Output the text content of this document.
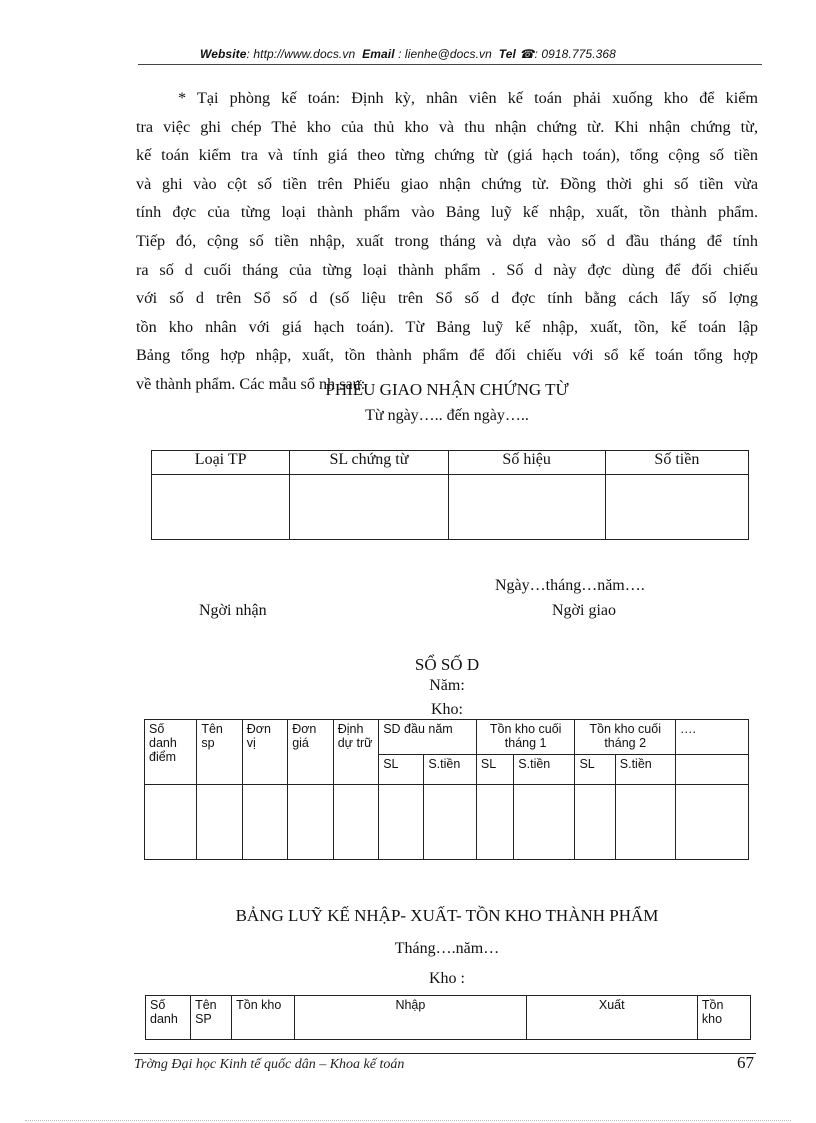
Website: http://www.docs.vn Email : lienhe@docs.vn Tel ☎: 0918.775.368
* Tại phòng kế toán: Định kỳ, nhân viên kế toán phải xuống kho để kiểm
tra việc ghi chép Thẻ kho của thủ kho và thu nhận chứng từ. Khi nhận chứng từ,
kế toán kiểm tra và tính giá theo từng chứng từ (giá hạch toán), tổng cộng số tiền
và ghi vào cột số tiền trên Phiếu giao nhận chứng từ. Đồng thời ghi số tiền vừa
tính đợc của từng loại thành phẩm vào Bảng luỹ kế nhập, xuất, tồn thành phẩm.
Tiếp đó, cộng số tiền nhập, xuất trong tháng và dựa vào số d đầu tháng để tính
ra số d cuối tháng của từng loại thành phẩm . Số d này đợc dùng để đối chiếu
với số d trên Sổ số d (số liệu trên Sổ số d đợc tính bằng cách lấy số lợng
tồn kho nhân với giá hạch toán). Từ Bảng luỹ kế nhập, xuất, tồn, kế toán lập
Bảng tổng hợp nhập, xuất, tồn thành phẩm để đối chiếu với sổ kế toán tổng hợp
về thành phẩm. Các mẫu sổ nh sau:
PHIẾU GIAO NHẬN CHỨNG TỪ
Từ ngày….. đến ngày…..
Loại TP	SL chứng từ	Số hiệu	Số tiền

Ngày…tháng…năm….
Ngời nhận	Ngời giao
SỔ SỐ D
Năm:
Kho:
Số danh điểm	Tên sp	Đơn vị	Đơn giá	Định dự trữ	SD đầu năm		Tồn kho cuối tháng 1		Tồn kho cuối tháng 2		….
					SL	S.tiền	SL	S.tiền	SL	S.tiền	

BẢNG LUỸ KẾ NHẬP- XUẤT- TỒN KHO THÀNH PHẨM
Tháng….năm…
Kho :
Số danh	Tên SP	Tồn kho	Nhập	Xuất	Tồn kho
Trờng Đại học Kinh tế quốc dân – Khoa kế toán	67
